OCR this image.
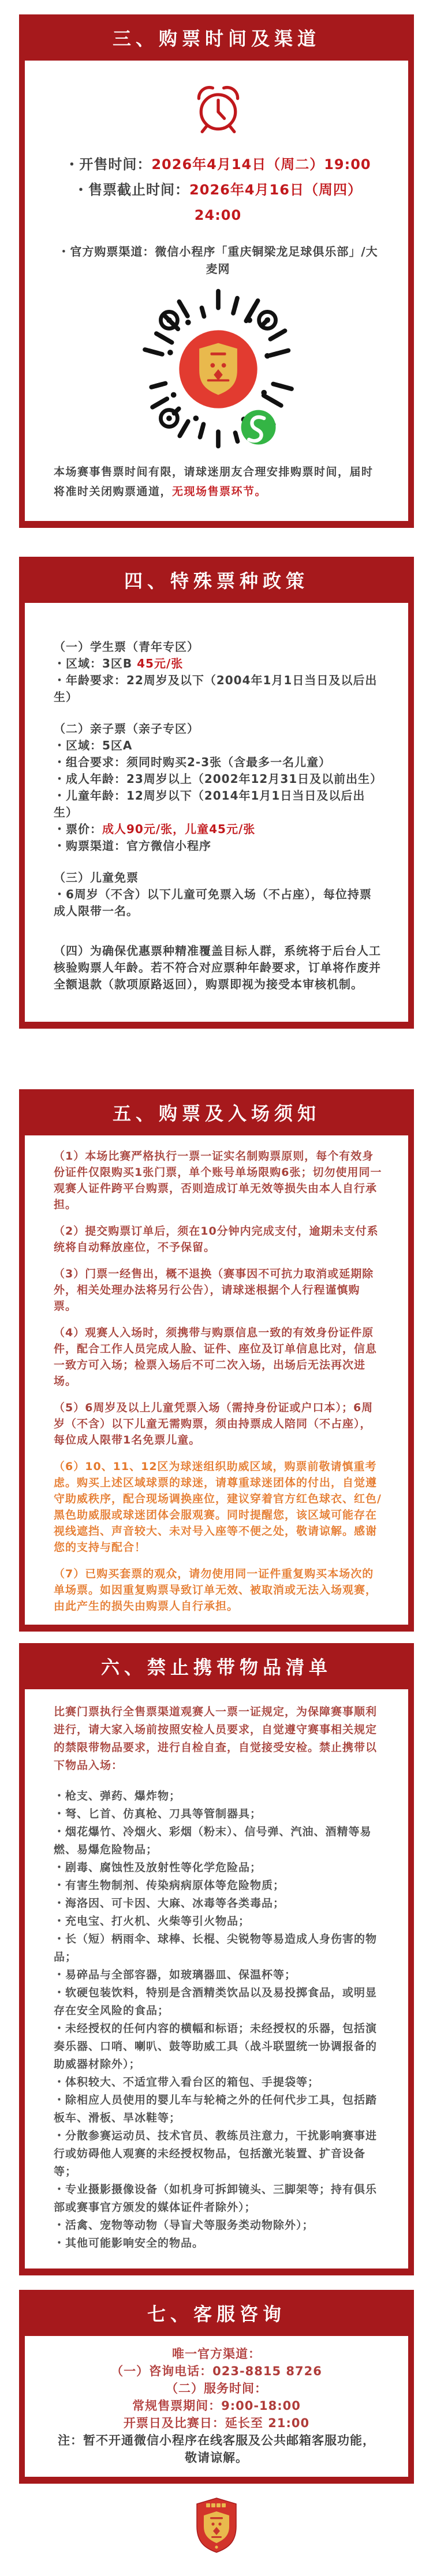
三、购票时间及渠道
・开售时间：2026年4月14日（周二）19:00
・售票截止时间：2026年4月16日（周四）24:00
・官方购票渠道：微信小程序「重庆铜梁龙足球俱乐部」/大麦网

本场赛事售票时间有限，请球迷朋友合理安排购票时间，届时将准时关闭购票通道，无现场售票环节。

四、特殊票种政策
（一）学生票（青年专区）
・区域：3区B 45元/张
・年龄要求：22周岁及以下（2004年1月1日当日及以后出生）
（二）亲子票（亲子专区）
・区域：5区A
・组合要求：须同时购买2-3张（含最多一名儿童）
・成人年龄：23周岁以上（2002年12月31日及以前出生）
・儿童年龄：12周岁以下（2014年1月1日当日及以后出生）
・票价：成人90元/张，儿童45元/张
・购票渠道：官方微信小程序
（三）儿童免票
・6周岁（不含）以下儿童可免票入场（不占座），每位持票成人限带一名。
（四）为确保优惠票种精准覆盖目标人群，系统将于后台人工核验购票人年龄。若不符合对应票种年龄要求，订单将作废并全额退款（款项原路返回），购票即视为接受本审核机制。
五、购票及入场须知
（1）本场比赛严格执行一票一证实名制购票原则，每个有效身份证件仅限购买1张门票，单个账号单场限购6张；切勿使用同一观赛人证件跨平台购票，否则造成订单无效等损失由本人自行承担。
（2）提交购票订单后，须在10分钟内完成支付，逾期未支付系统将自动释放座位，不予保留。
（3）门票一经售出，概不退换（赛事因不可抗力取消或延期除外，相关处理办法将另行公告），请球迷根据个人行程谨慎购票。
（4）观赛人入场时，须携带与购票信息一致的有效身份证件原件，配合工作人员完成人脸、证件、座位及订单信息比对，信息一致方可入场；检票入场后不可二次入场，出场后无法再次进场。
（5）6周岁及以上儿童凭票入场（需持身份证或户口本）；6周岁（不含）以下儿童无需购票，须由持票成人陪同（不占座），每位成人限带1名免票儿童。
（6）10、11、12区为球迷组织助威区域，购票前敬请慎重考虑。购买上述区域球票的球迷，请尊重球迷团体的付出，自觉遵守助威秩序，配合现场调换座位，建议穿着官方红色球衣、红色/黑色助威服或球迷团体会服观赛。同时提醒您，该区域可能存在视线遮挡、声音较大、未对号入座等不便之处，敬请谅解。感谢您的支持与配合！
（7）已购买套票的观众，请勿使用同一证件重复购买本场次的单场票。如因重复购票导致订单无效、被取消或无法入场观赛，由此产生的损失由购票人自行承担。
六、禁止携带物品清单
比赛门票执行全售票渠道观赛人一票一证规定，为保障赛事顺利进行，请大家入场前按照安检人员要求，自觉遵守赛事相关规定的禁限带物品要求，进行自检自查，自觉接受安检。禁止携带以下物品入场：
・枪支、弹药、爆炸物；
・弩、匕首、仿真枪、刀具等管制器具；
・烟花爆竹、冷烟火、彩烟（粉末）、信号弹、汽油、酒精等易燃、易爆危险物品；
・剧毒、腐蚀性及放射性等化学危险品；
・有害生物制剂、传染病病原体等危险物质；
・海洛因、可卡因、大麻、冰毒等各类毒品；
・充电宝、打火机、火柴等引火物品；
・长（短）柄雨伞、球棒、长棍、尖锐物等易造成人身伤害的物品；
・易碎品与全部容器，如玻璃器皿、保温杯等；
・软硬包装饮料，特别是含酒精类饮品以及易投掷食品，或明显存在安全风险的食品；
・未经授权的任何内容的横幅和标语；未经授权的乐器，包括演奏乐器、口哨、喇叭、鼓等助威工具（战斗联盟统一协调报备的助威器材除外）；
・体积较大、不适宜带入看台区的箱包、手提袋等；
・除相应人员使用的婴儿车与轮椅之外的任何代步工具，包括踏板车、滑板、旱冰鞋等；
・分散参赛运动员、技术官员、教练员注意力，干扰影响赛事进行或妨碍他人观赛的未经授权物品，包括激光装置、扩音设备等；
・专业摄影摄像设备（如机身可拆卸镜头、三脚架等；持有俱乐部或赛事官方颁发的媒体证件者除外）；
・活禽、宠物等动物（导盲犬等服务类动物除外）；
・其他可能影响安全的物品。
七、客服咨询
唯一官方渠道：
（一）咨询电话：023-8815 8726
（二）服务时间：
常规售票期间：9:00-18:00
开票日及比赛日：延长至 21:00
注：暂不开通微信小程序在线客服及公共邮箱客服功能，
敬请谅解。
